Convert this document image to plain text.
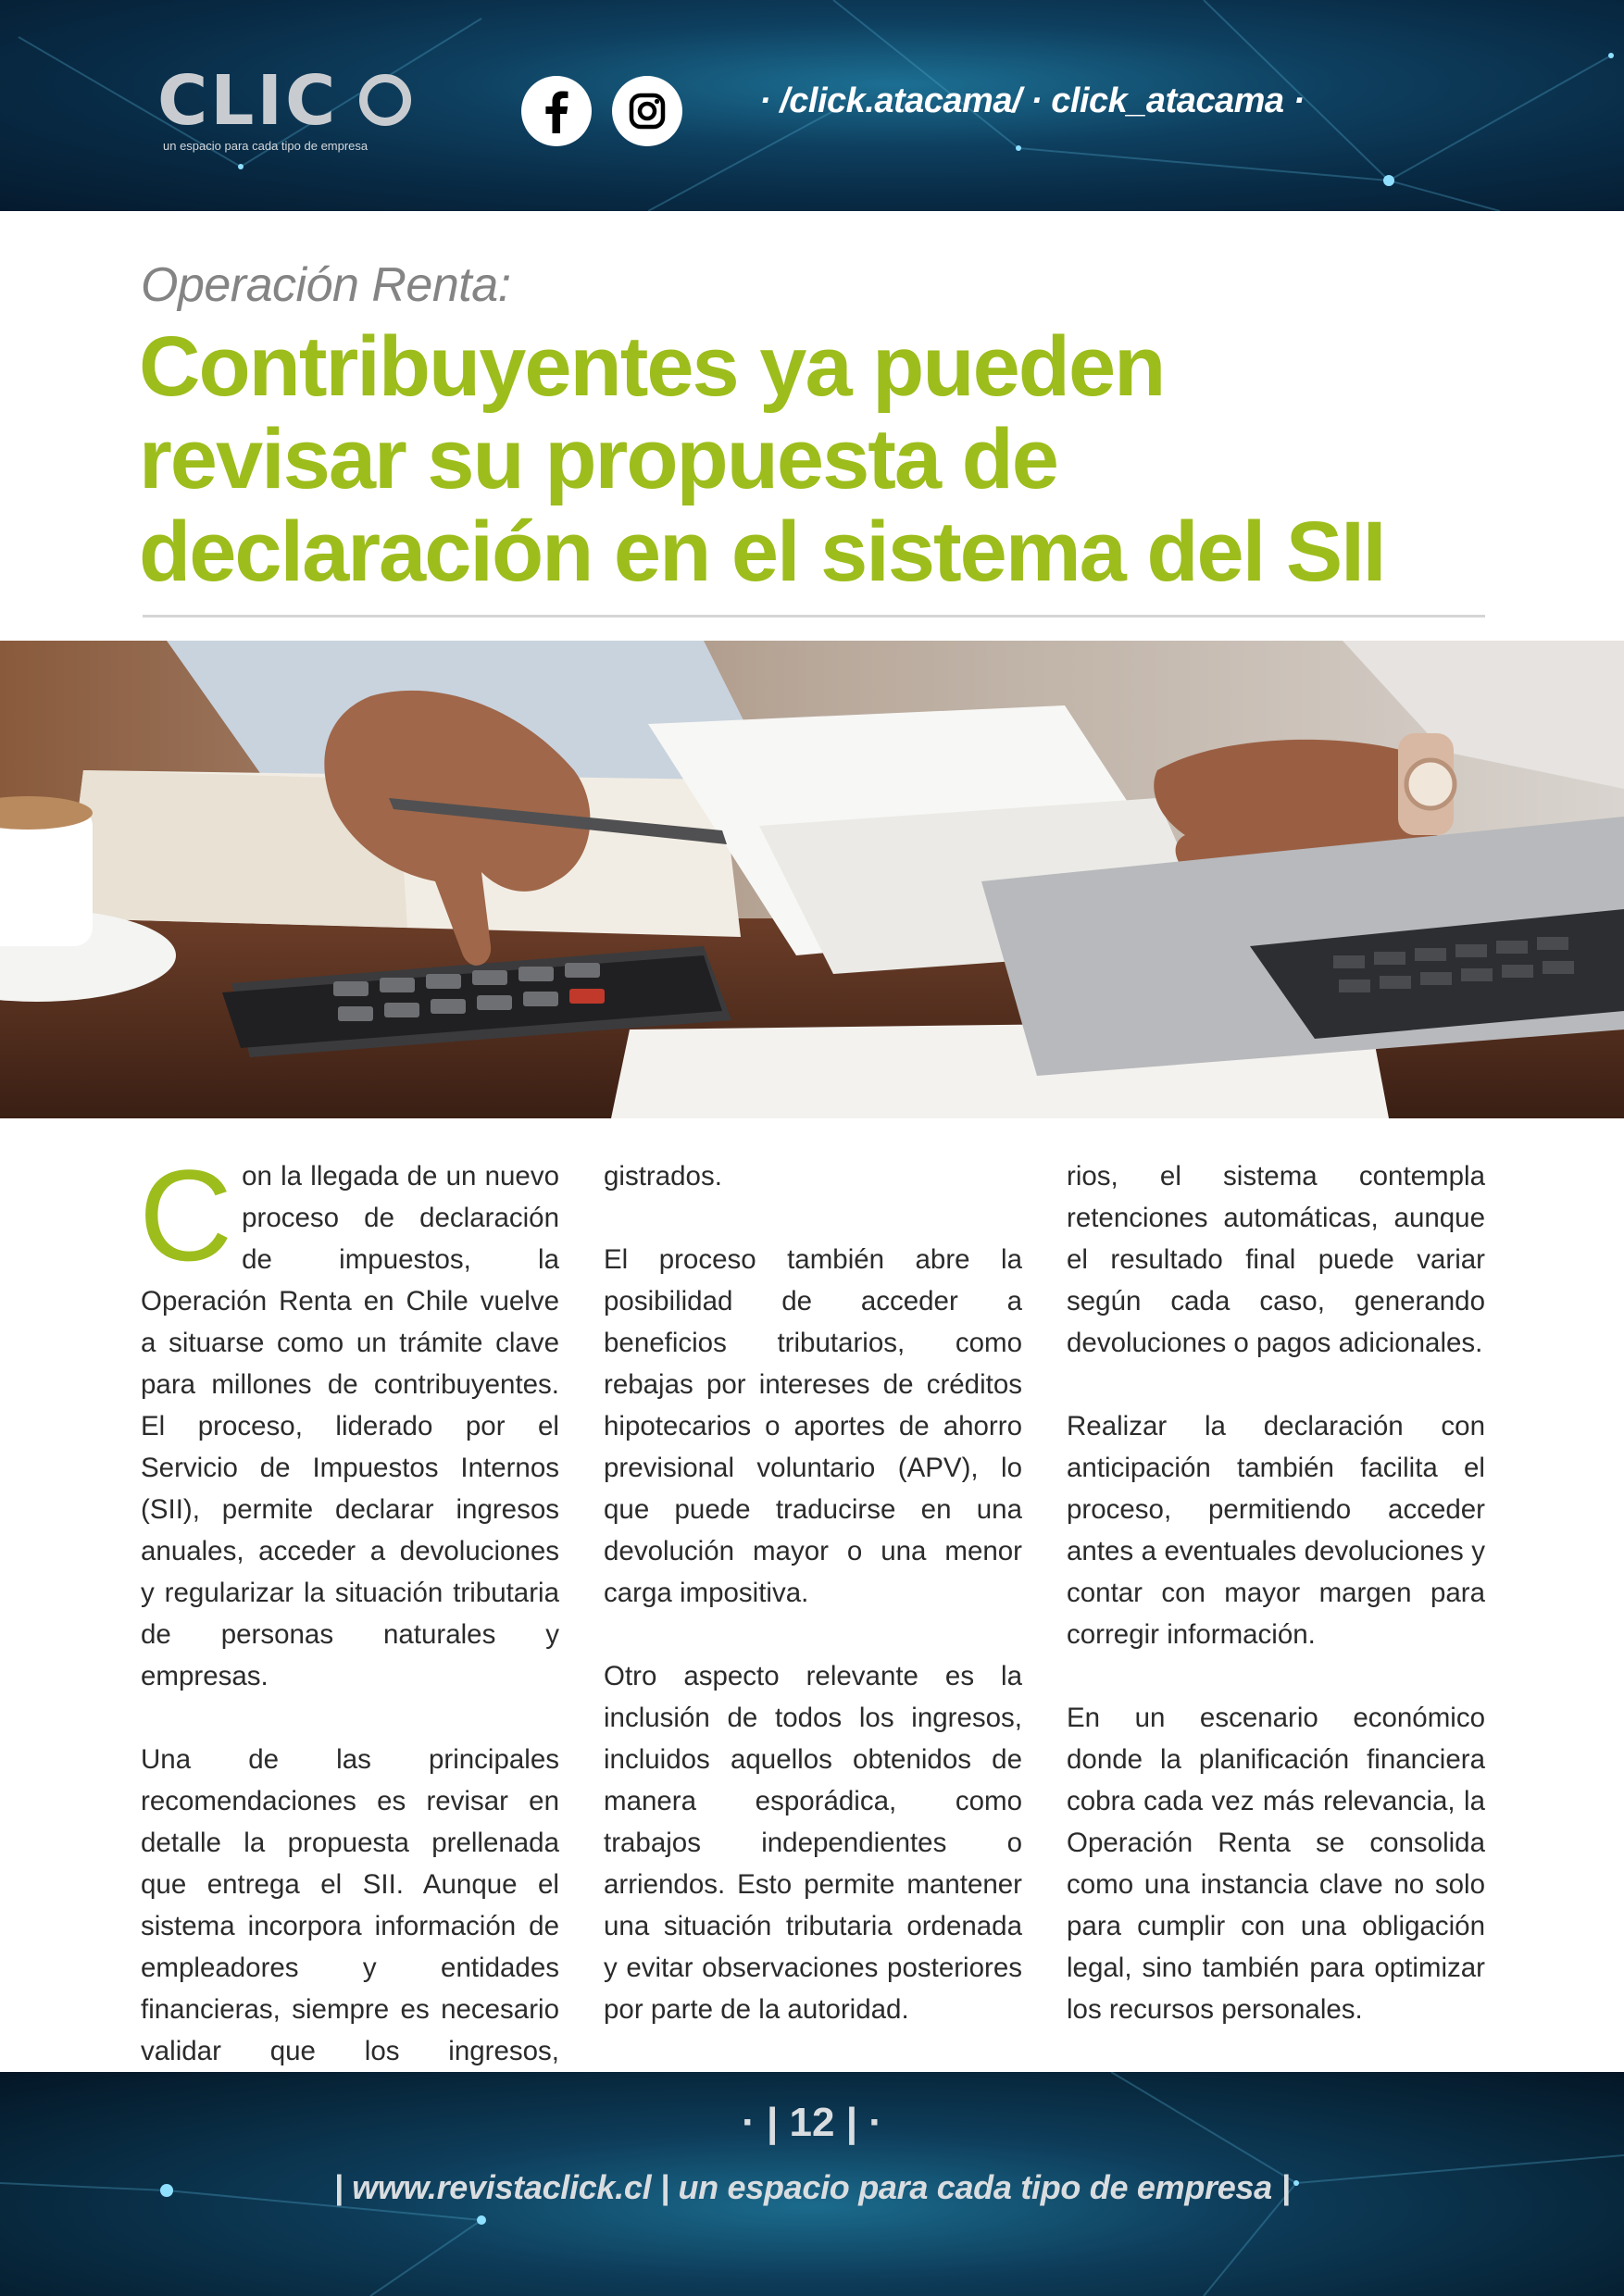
CLIC
un espacio para cada tipo de empresa
· /click.atacama/ · click_atacama ·
Operación Renta:
Contribuyentes ya pueden
revisar su propuesta de
declaración en el sistema del SII

Con la llegada de un nuevo proceso de declaración de impuestos, la Operación Renta en Chile vuelve a situarse como un trámite clave para millones de contribuyentes. El proceso, liderado por el Servicio de Impuestos Internos (SII), permite declarar ingresos anuales, acceder a devoluciones y regularizar la situación tributaria de personas naturales y empresas.

Una de las principales recomendaciones es revisar en detalle la propuesta prellenada que entrega el SII. Aunque el sistema incorpora información de empleadores y entidades financieras, siempre es necesario validar que los ingresos,

gistrados.

El proceso también abre la posibilidad de acceder a beneficios tributarios, como rebajas por intereses de créditos hipotecarios o aportes de ahorro previsional voluntario (APV), lo que puede traducirse en una devolución mayor o una menor carga impositiva.

Otro aspecto relevante es la inclusión de todos los ingresos, incluidos aquellos obtenidos de manera esporádica, como trabajos independientes o arriendos. Esto permite mantener una situación tributaria ordenada y evitar observaciones posteriores por parte de la autoridad.

rios, el sistema contempla retenciones automáticas, aunque el resultado final puede variar según cada caso, generando devoluciones o pagos adicionales.

Realizar la declaración con anticipación también facilita el proceso, permitiendo acceder antes a eventuales devoluciones y contar con mayor margen para corregir información.

En un escenario económico donde la planificación financiera cobra cada vez más relevancia, la Operación Renta se consolida como una instancia clave no solo para cumplir con una obligación legal, sino también para optimizar los recursos personales.

· | 12 | ·
| www.revistaclick.cl | un espacio para cada tipo de empresa |
